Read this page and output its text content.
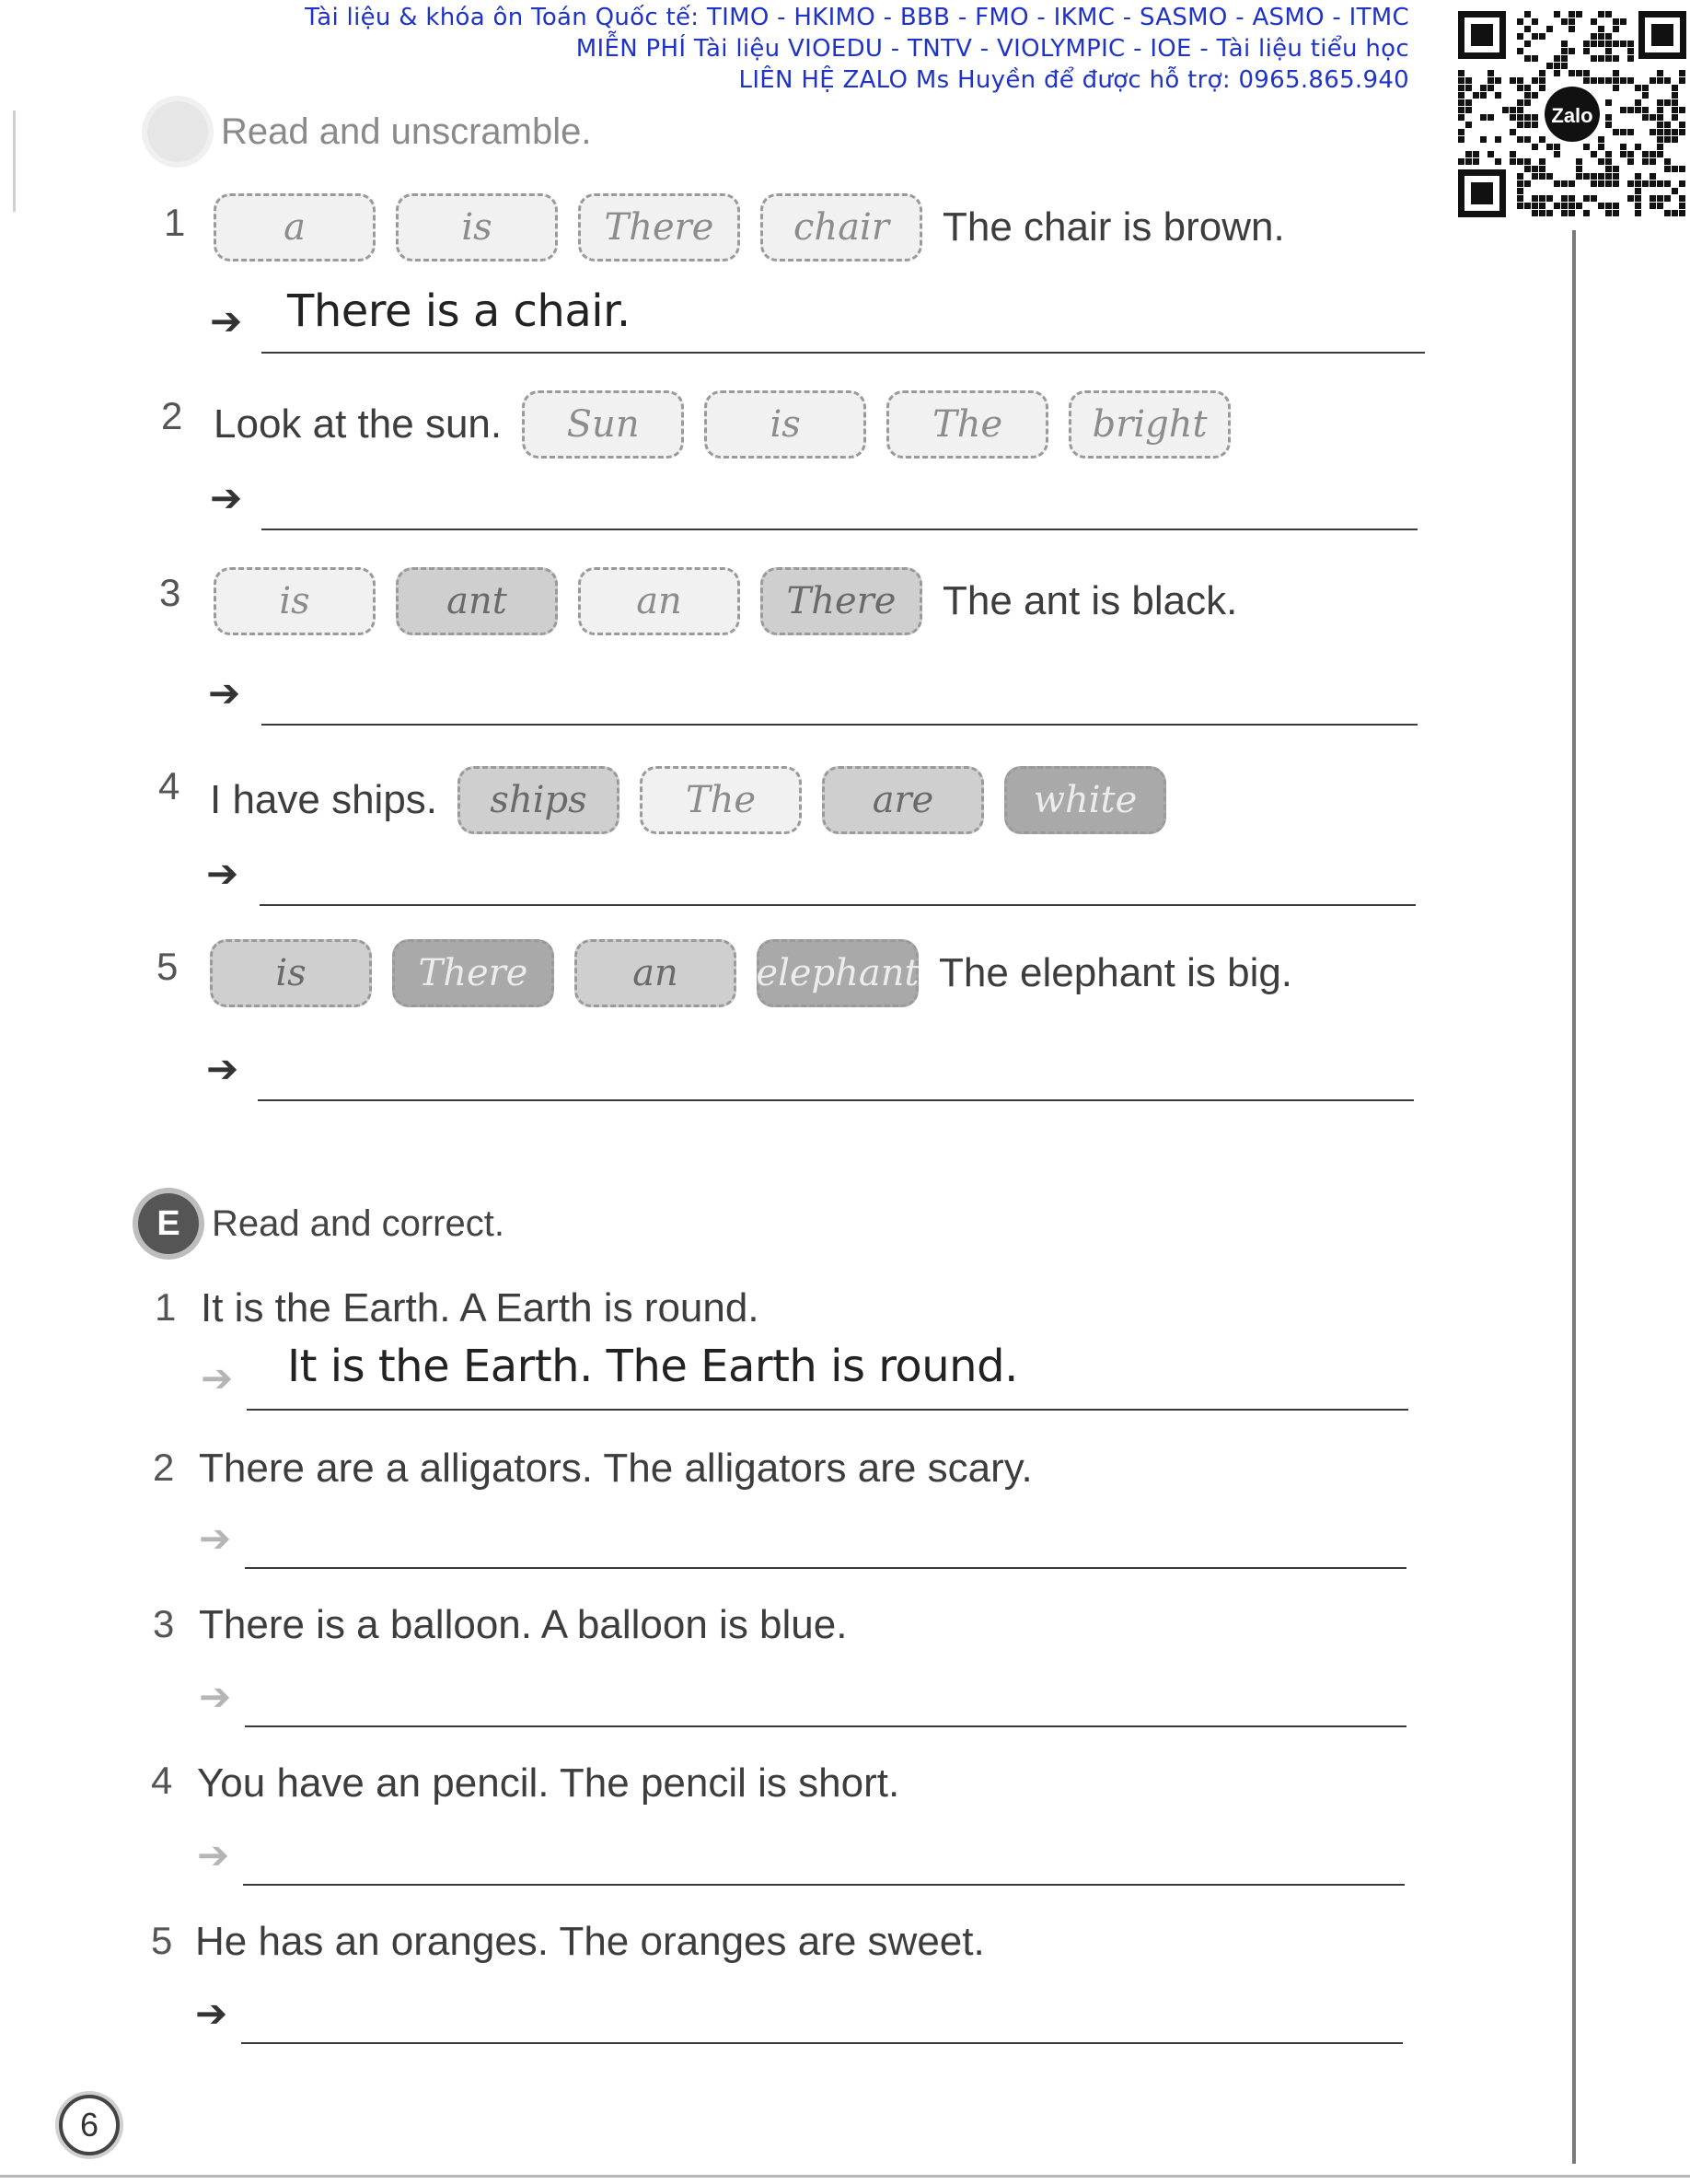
Tài liệu & khóa ôn Toán Quốc tế: TIMO - HKIMO - BBB - FMO - IKMC - SASMO - ASMO - ITMC
MIỄN PHÍ Tài liệu VIOEDU - TNTV - VIOLYMPIC - IOE - Tài liệu tiểu học
LIÊN HỆ ZALO Ms Huyền để được hỗ trợ: 0965.865.940
Zalo
Read and unscramble.
1	a	is	There	chair	The chair is brown.
➔ There is a chair.
2 Look at the sun.	Sun	is	The	bright
➔
3	is	ant	an	There	The ant is black.
➔
4 I have ships.	ships	The	are	white
➔
5	is	There	an	elephant The elephant is big.
➔
E Read and correct.
1 It is the Earth. A Earth is round.
➔ It is the Earth. The Earth is round.
2 There are a alligators. The alligators are scary.
➔
3 There is a balloon. A balloon is blue.
➔
4 You have an pencil. The pencil is short.
➔
5 He has an oranges. The oranges are sweet.
➔
6
